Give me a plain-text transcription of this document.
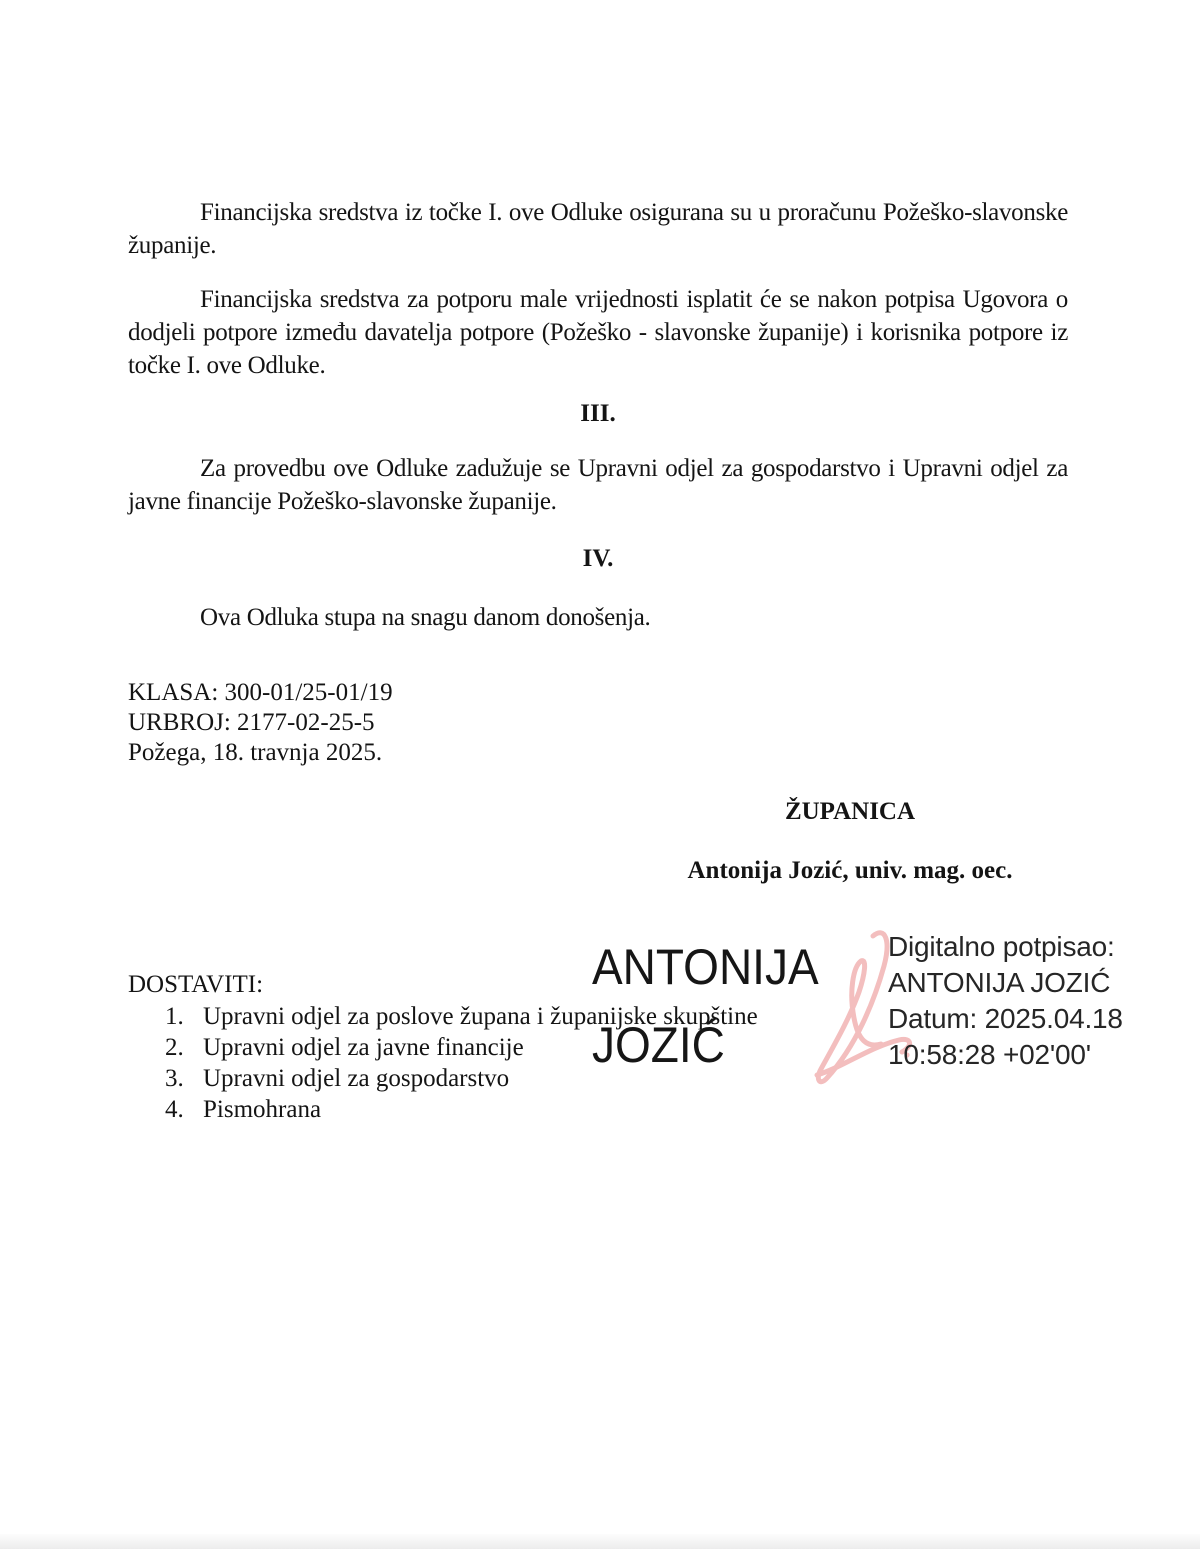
Financijska sredstva iz točke I. ove Odluke osigurana su u proračunu Požeško-slavonske županije.

Financijska sredstva za potporu male vrijednosti isplatit će se nakon potpisa Ugovora o dodjeli potpore između davatelja potpore (Požeško - slavonske županije) i korisnika potpore iz točke I. ove Odluke.

III.

Za provedbu ove Odluke zadužuje se Upravni odjel za gospodarstvo i Upravni odjel za javne financije Požeško-slavonske županije.

IV.

Ova Odluka stupa na snagu danom donošenja.

KLASA: 300-01/25-01/19

URBROJ: 2177-02-25-5

Požega, 18. travnja 2025.

ŽUPANICA
Antonija Jozić, univ. mag. oec.
ANTONIJA
JOZIĆ
Digitalno potpisao:
ANTONIJA JOZIĆ
Datum: 2025.04.18
10:58:28 +02'00'
DOSTAVITI:
1. Upravni odjel za poslove župana i županijske skupštine
2. Upravni odjel za javne financije
3. Upravni odjel za gospodarstvo
4. Pismohrana
